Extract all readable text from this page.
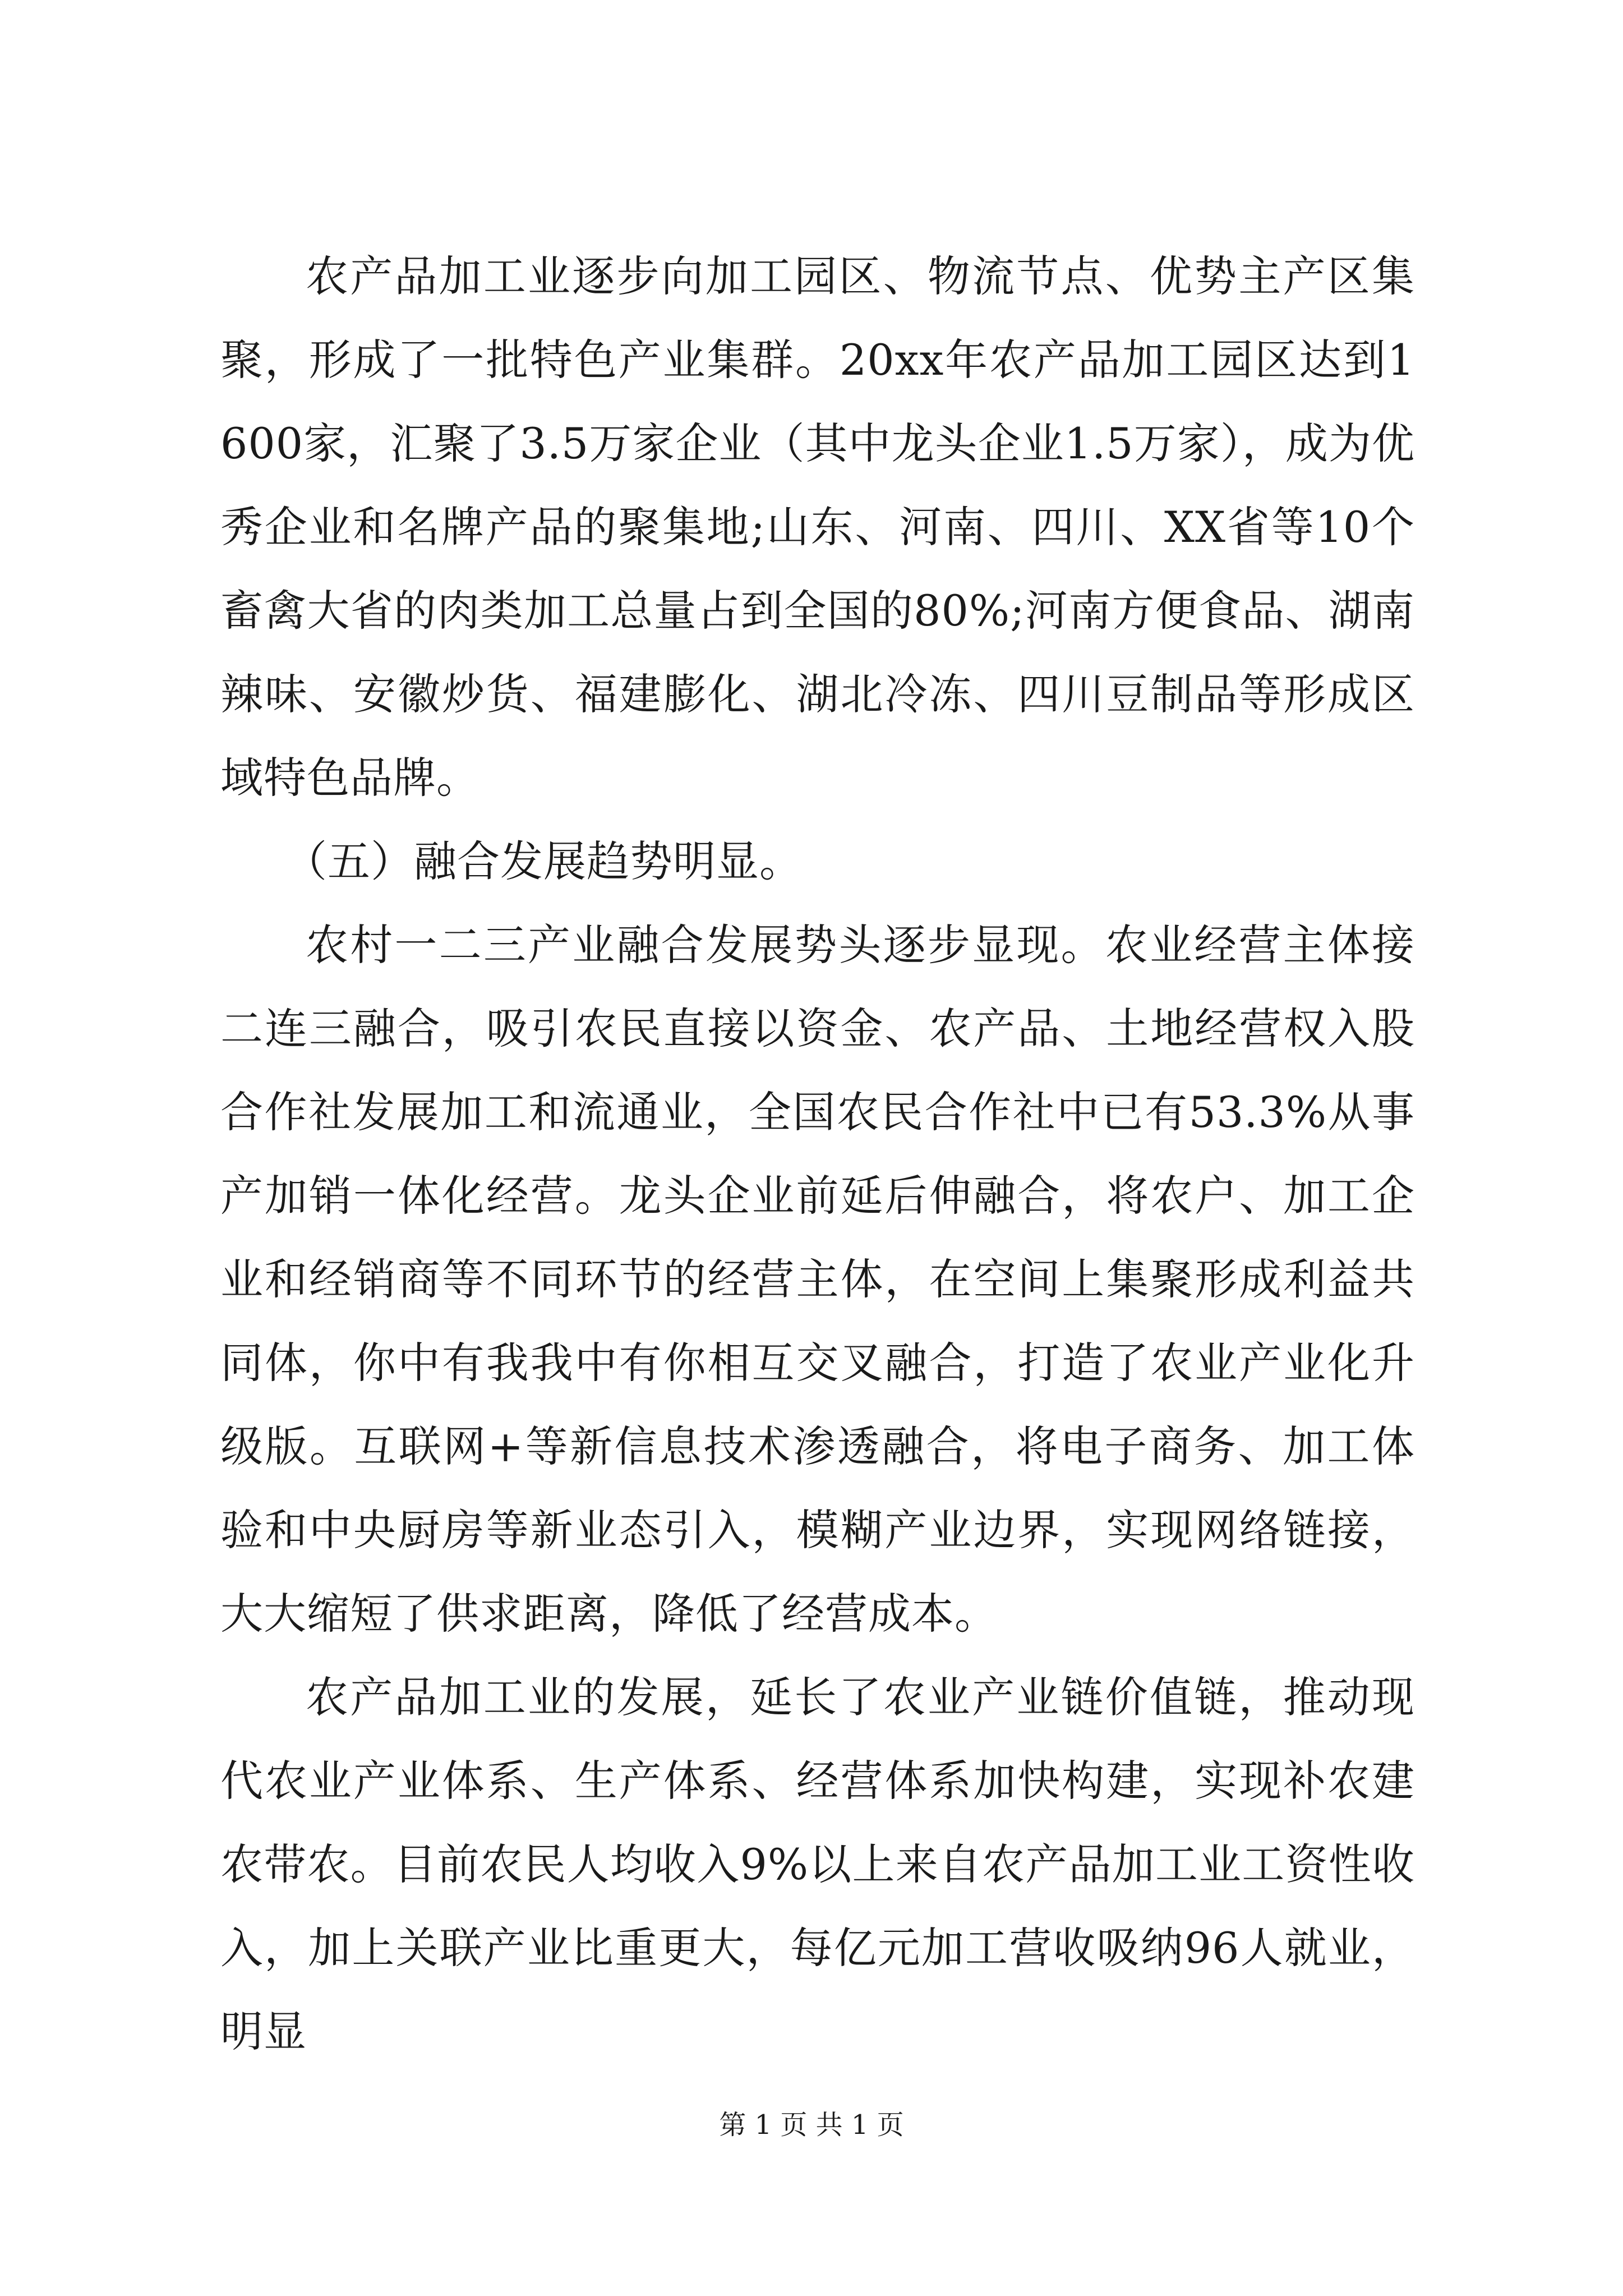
农产品加工业逐步向加工园区、物流节点、优势主产区集聚，形成了一批特色产业集群。20xx年农产品加工园区达到1600家，汇聚了3.5万家企业（其中龙头企业1.5万家），成为优秀企业和名牌产品的聚集地;山东、河南、四川、XX省等10个畜禽大省的肉类加工总量占到全国的80%;河南方便食品、湖南辣味、安徽炒货、福建膨化、湖北冷冻、四川豆制品等形成区域特色品牌。

（五）融合发展趋势明显。

农村一二三产业融合发展势头逐步显现。农业经营主体接二连三融合，吸引农民直接以资金、农产品、土地经营权入股合作社发展加工和流通业，全国农民合作社中已有53.3%从事产加销一体化经营。龙头企业前延后伸融合，将农户、加工企业和经销商等不同环节的经营主体，在空间上集聚形成利益共同体，你中有我我中有你相互交叉融合，打造了农业产业化升级版。互联网+等新信息技术渗透融合，将电子商务、加工体验和中央厨房等新业态引入，模糊产业边界，实现网络链接，大大缩短了供求距离，降低了经营成本。

农产品加工业的发展，延长了农业产业链价值链，推动现代农业产业体系、生产体系、经营体系加快构建，实现补农建农带农。目前农民人均收入9%以上来自农产品加工业工资性收入，加上关联产业比重更大，每亿元加工营收吸纳96人就业，明显

第 1 页 共 1 页
